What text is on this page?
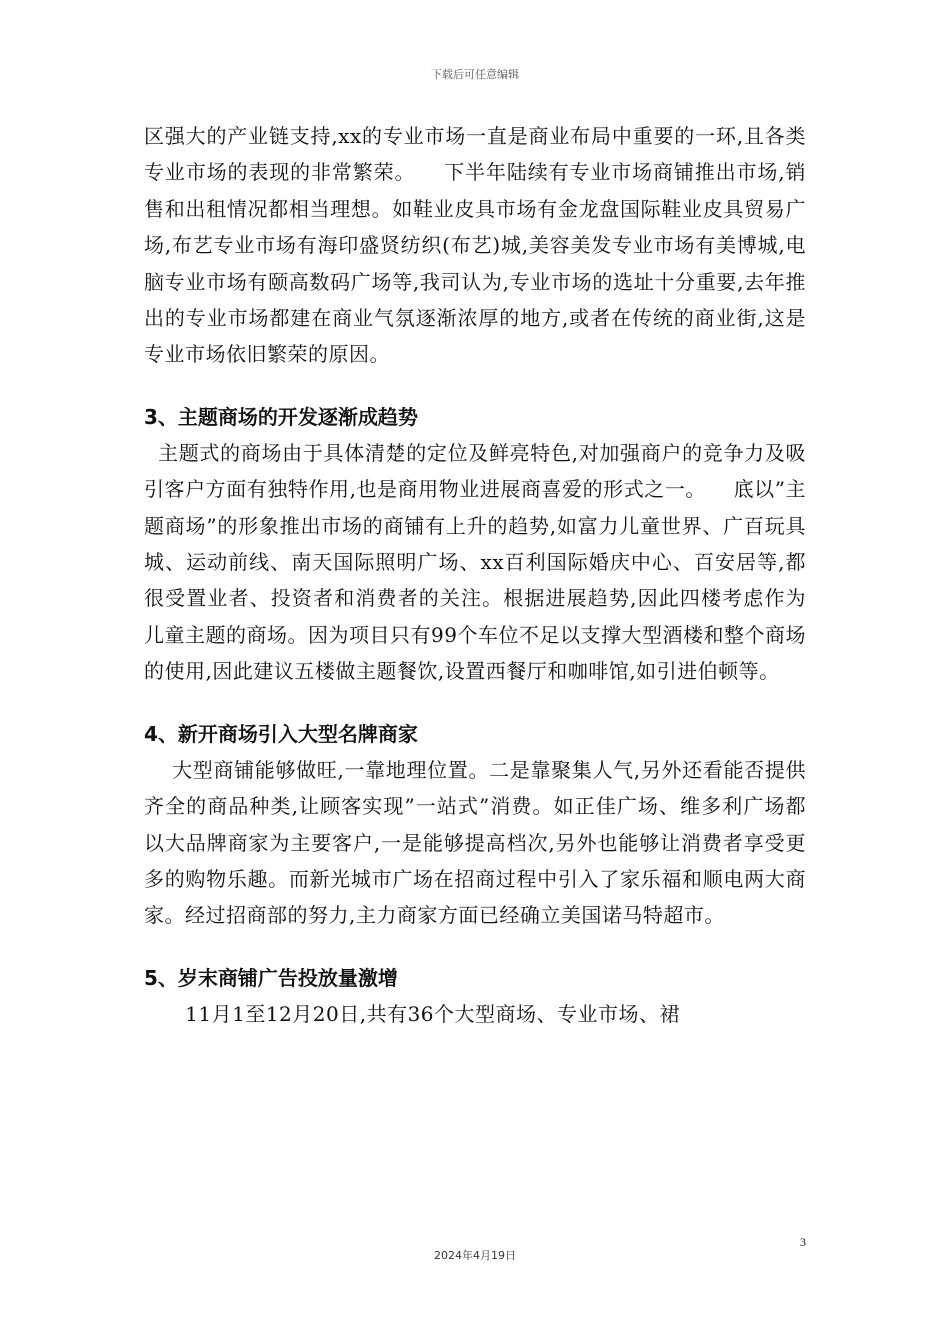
下载后可任意编辑

区强大的产业链支持,xx的专业市场一直是商业布局中重要的一环,且各类专业市场的表现的非常繁荣。    下半年陆续有专业市场商铺推出市场,销售和出租情况都相当理想。如鞋业皮具市场有金龙盘国际鞋业皮具贸易广场,布艺专业市场有海印盛贤纺织(布艺)城,美容美发专业市场有美博城,电脑专业市场有颐高数码广场等,我司认为,专业市场的选址十分重要,去年推出的专业市场都建在商业气氛逐渐浓厚的地方,或者在传统的商业街,这是专业市场依旧繁荣的原因。

3、主题商场的开发逐渐成趋势

主题式的商场由于具体清楚的定位及鲜亮特色,对加强商户的竞争力及吸引客户方面有独特作用,也是商用物业进展商喜爱的形式之一。    底以”主题商场”的形象推出市场的商铺有上升的趋势,如富力儿童世界、广百玩具城、运动前线、南天国际照明广场、xx百利国际婚庆中心、百安居等,都很受置业者、投资者和消费者的关注。根据进展趋势,因此四楼考虑作为儿童主题的商场。因为项目只有99个车位不足以支撑大型酒楼和整个商场的使用,因此建议五楼做主题餐饮,设置西餐厅和咖啡馆,如引进伯顿等。

4、新开商场引入大型名牌商家

大型商铺能够做旺,一靠地理位置。二是靠聚集人气,另外还看能否提供齐全的商品种类,让顾客实现”一站式”消费。如正佳广场、维多利广场都以大品牌商家为主要客户,一是能够提高档次,另外也能够让消费者享受更多的购物乐趣。而新光城市广场在招商过程中引入了家乐福和顺电两大商家。经过招商部的努力,主力商家方面已经确立美国诺马特超市。

5、岁末商铺广告投放量激增

11月1至12月20日,共有36个大型商场、专业市场、裙

3
2024年4月19日
